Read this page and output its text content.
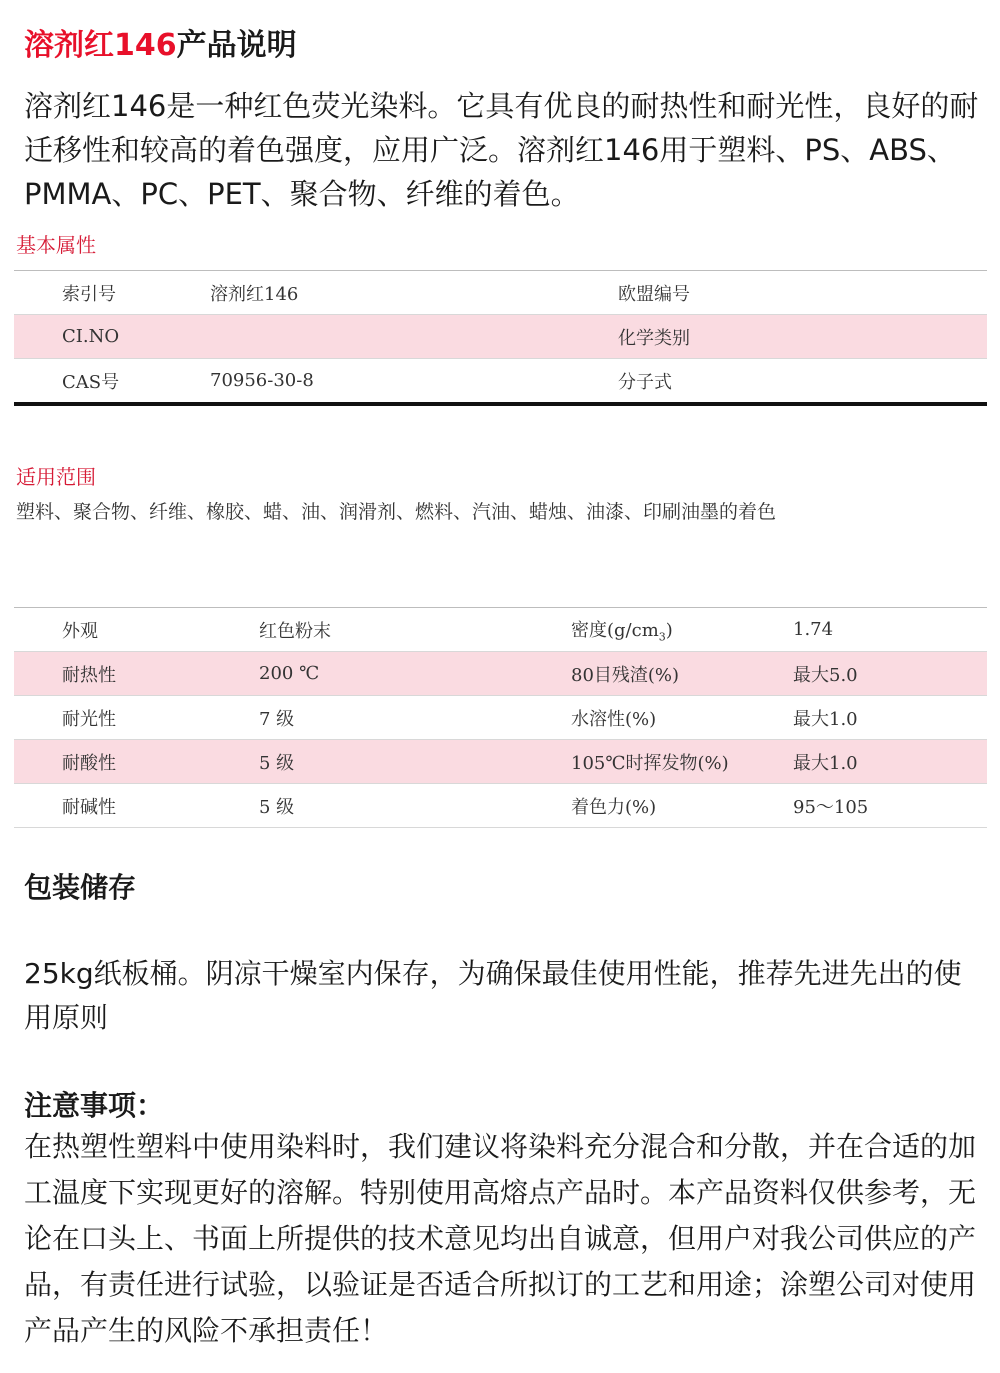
溶剂红146产品说明
溶剂红146是一种红色荧光染料。它具有优良的耐热性和耐光性，良好的耐迁移性和较高的着色强度，应用广泛。溶剂红146用于塑料、PS、ABS、PMMA、PC、PET、聚合物、纤维的着色。
基本属性
索引号	溶剂红146	欧盟编号	
CI.NO		化学类别	
CAS号	70956-30-8	分子式	
适用范围
塑料、聚合物、纤维、橡胶、蜡、油、润滑剂、燃料、汽油、蜡烛、油漆、印刷油墨的着色
外观	红色粉末	密度$(g/cm_3)$	1.74
耐热性	200 ℃	80目残渣(%)	最大5.0
耐光性	7 级	水溶性(%)	最大1.0
耐酸性	5 级	105℃时挥发物(%)	最大1.0
耐碱性	5 级	着色力(%)	95～105
包装储存
25kg纸板桶。阴凉干燥室内保存，为确保最佳使用性能，推荐先进先出的使用原则
注意事项：
在热塑性塑料中使用染料时，我们建议将染料充分混合和分散，并在合适的加工温度下实现更好的溶解。特别使用高熔点产品时。本产品资料仅供参考，无论在口头上、书面上所提供的技术意见均出自诚意，但用户对我公司供应的产品，有责任进行试验，以验证是否适合所拟订的工艺和用途；涂塑公司对使用产品产生的风险不承担责任！
